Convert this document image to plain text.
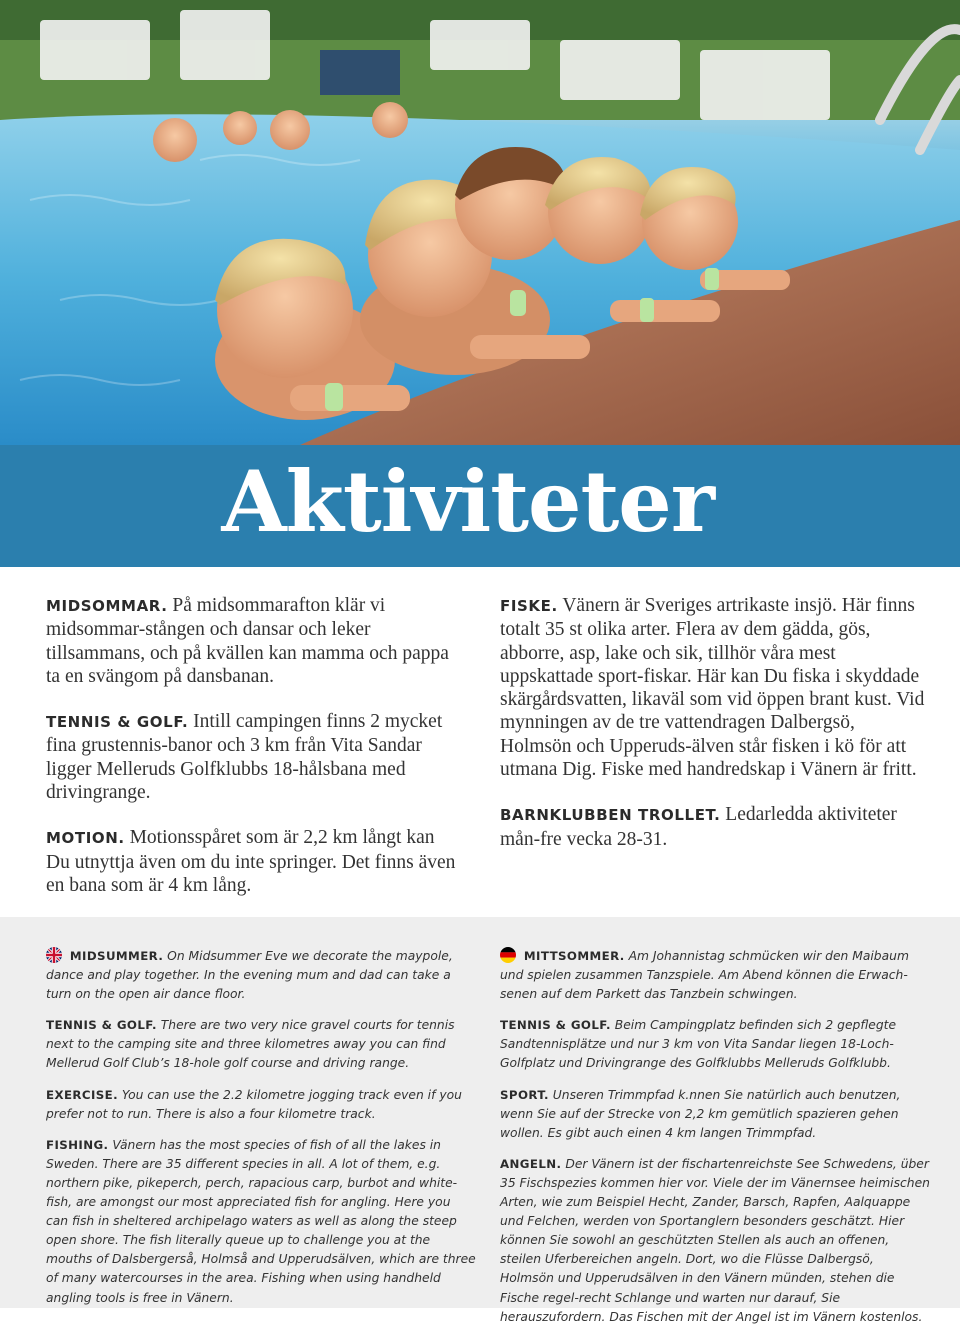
Aktiviteter

MIDSOMMAR. På midsommarafton klär vi midsommar-stången och dansar och leker tillsammans, och på kvällen kan mamma och pappa ta en svängom på dansbanan.

TENNIS & GOLF. Intill campingen finns 2 mycket fina grustennis-banor och 3 km från Vita Sandar ligger Melleruds Golfklubbs 18-hålsbana med drivingrange.

MOTION. Motionsspåret som är 2,2 km långt kan Du utnyttja även om du inte springer. Det finns även en bana som är 4 km lång.

FISKE. Vänern är Sveriges artrikaste insjö. Här finns totalt 35 st olika arter. Flera av dem gädda, gös, abborre, asp, lake och sik, tillhör våra mest uppskattade sport-fiskar. Här kan Du fiska i skyddade skärgårdsvatten, likaväl som vid öppen brant kust. Vid mynningen av de tre vattendragen Dalbergsö, Holmsön och Upperuds-älven står fisken i kö för att utmana Dig. Fiske med handredskap i Vänern är fritt.

BARNKLUBBEN TROLLET. Ledarledda aktiviteter mån-fre vecka 28-31.

MIDSUMMER. On Midsummer Eve we decorate the maypole, dance and play together. In the evening mum and dad can take a turn on the open air dance floor.

TENNIS & GOLF. There are two very nice gravel courts for tennis next to the camping site and three kilometres away you can find Mellerud Golf Club’s 18-hole golf course and driving range.

EXERCISE. You can use the 2.2 kilometre jogging track even if you prefer not to run. There is also a four kilometre track.

FISHING. Vänern has the most species of fish of all the lakes in Sweden. There are 35 different species in all. A lot of them, e.g. northern pike, pikeperch, perch, rapacious carp, burbot and white-fish, are amongst our most appreciated fish for angling. Here you can fish in sheltered archipelago waters as well as along the steep open shore. The fish literally queue up to challenge you at the mouths of Dalsbergerså, Holmså and Upperudsälven, which are three of many watercourses in the area. Fishing when using handheld angling tools is free in Vänern.

MITTSOMMER. Am Johannistag schmücken wir den Maibaum und spielen zusammen Tanzspiele. Am Abend können die Erwach-senen auf dem Parkett das Tanzbein schwingen.

TENNIS & GOLF. Beim Campingplatz befinden sich 2 gepflegte Sandtennisplätze und nur 3 km von Vita Sandar liegen 18-Loch-Golfplatz und Drivingrange des Golfklubbs Melleruds Golfklubb.

SPORT. Unseren Trimmpfad k.nnen Sie natürlich auch benutzen, wenn Sie auf der Strecke von 2,2 km gemütlich spazieren gehen wollen. Es gibt auch einen 4 km langen Trimmpfad.

ANGELN. Der Vänern ist der fischartenreichste See Schwedens, über 35 Fischspezies kommen hier vor. Viele der im Vänernsee heimischen Arten, wie zum Beispiel Hecht, Zander, Barsch, Rapfen, Aalquappe und Felchen, werden von Sportanglern besonders geschätzt. Hier können Sie sowohl an geschützten Stellen als auch an offenen, steilen Uferbereichen angeln. Dort, wo die Flüsse Dalbergsö, Holmsön und Upperudsälven in den Vänern münden, stehen die Fische regel-recht Schlange und warten nur darauf, Sie herauszufordern. Das Fischen mit der Angel ist im Vänern kostenlos.
